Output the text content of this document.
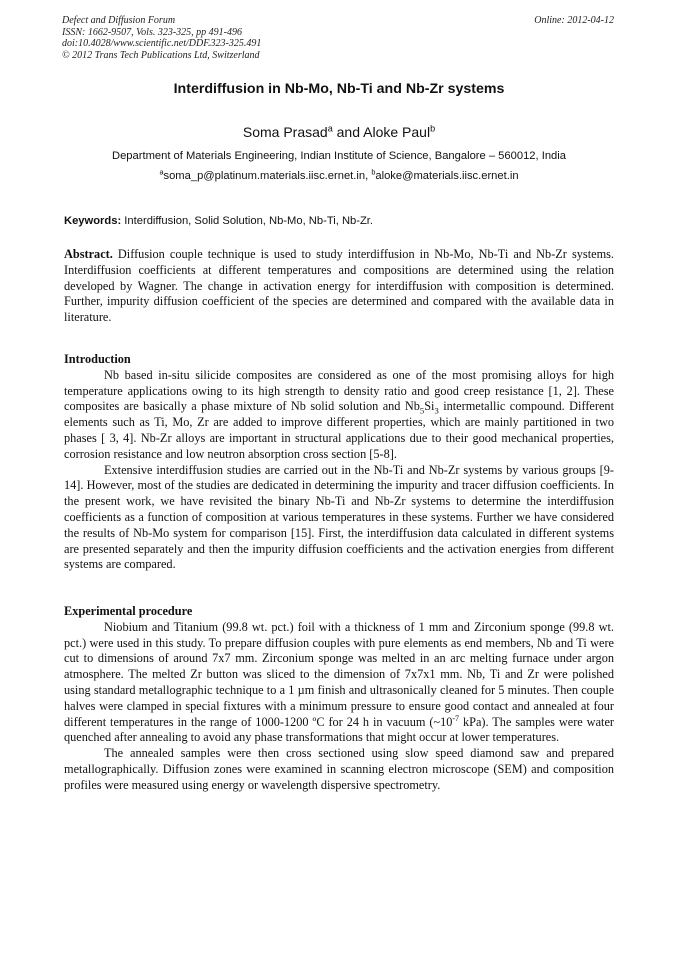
Defect and Diffusion Forum
ISSN: 1662-9507, Vols. 323-325, pp 491-496
doi:10.4028/www.scientific.net/DDF.323-325.491
© 2012 Trans Tech Publications Ltd, Switzerland
Online: 2012-04-12
Interdiffusion in Nb-Mo, Nb-Ti and Nb-Zr systems
Soma Prasad$^a$ and Aloke Paul$^b$
Department of Materials Engineering, Indian Institute of Science, Bangalore – 560012, India
$^a$soma_p@platinum.materials.iisc.ernet.in, $^b$aloke@materials.iisc.ernet.in
Keywords: Interdiffusion, Solid Solution, Nb-Mo, Nb-Ti, Nb-Zr.

Abstract. Diffusion couple technique is used to study interdiffusion in Nb-Mo, Nb-Ti and Nb-Zr systems. Interdiffusion coefficients at different temperatures and compositions are determined using the relation developed by Wagner. The change in activation energy for interdiffusion with composition is determined. Further, impurity diffusion coefficient of the species are determined and compared with the available data in literature.

Introduction

Nb based in-situ silicide composites are considered as one of the most promising alloys for high temperature applications owing to its high strength to density ratio and good creep resistance [1, 2]. These composites are basically a phase mixture of Nb solid solution and $Nb_5Si_3$ intermetallic compound. Different elements such as Ti, Mo, Zr are added to improve different properties, which are mainly partitioned in two phases [ 3, 4]. Nb-Zr alloys are important in structural applications due to their good mechanical properties, corrosion resistance and low neutron absorption cross section [5-8].

Extensive interdiffusion studies are carried out in the Nb-Ti and Nb-Zr systems by various groups [9-14]. However, most of the studies are dedicated in determining the impurity and tracer diffusion coefficients. In the present work, we have revisited the binary Nb-Ti and Nb-Zr systems to determine the interdiffusion coefficients as a function of composition at various temperatures in these systems. Further we have considered the results of Nb-Mo system for comparison [15]. First, the interdiffusion data calculated in different systems are presented separately and then the impurity diffusion coefficients and the activation energies from different systems are compared.

Experimental procedure

Niobium and Titanium (99.8 wt. pct.) foil with a thickness of 1 mm and Zirconium sponge (99.8 wt. pct.) were used in this study. To prepare diffusion couples with pure elements as end members, Nb and Ti were cut to dimensions of around 7x7 mm. Zirconium sponge was melted in an arc melting furnace under argon atmosphere. The melted Zr button was sliced to the dimension of 7x7x1 mm. Nb, Ti and Zr were polished using standard metallographic technique to a 1 µm finish and ultrasonically cleaned for 5 minutes. Then couple halves were clamped in special fixtures with a minimum pressure to ensure good contact and annealed at four different temperatures in the range of 1000-1200 ºC for 24 h in vacuum ($\sim 10^{-7}$ kPa). The samples were water quenched after annealing to avoid any phase transformations that might occur at lower temperatures.

The annealed samples were then cross sectioned using slow speed diamond saw and prepared metallographically. Diffusion zones were examined in scanning electron microscope (SEM) and composition profiles were measured using energy or wavelength dispersive spectrometry.
